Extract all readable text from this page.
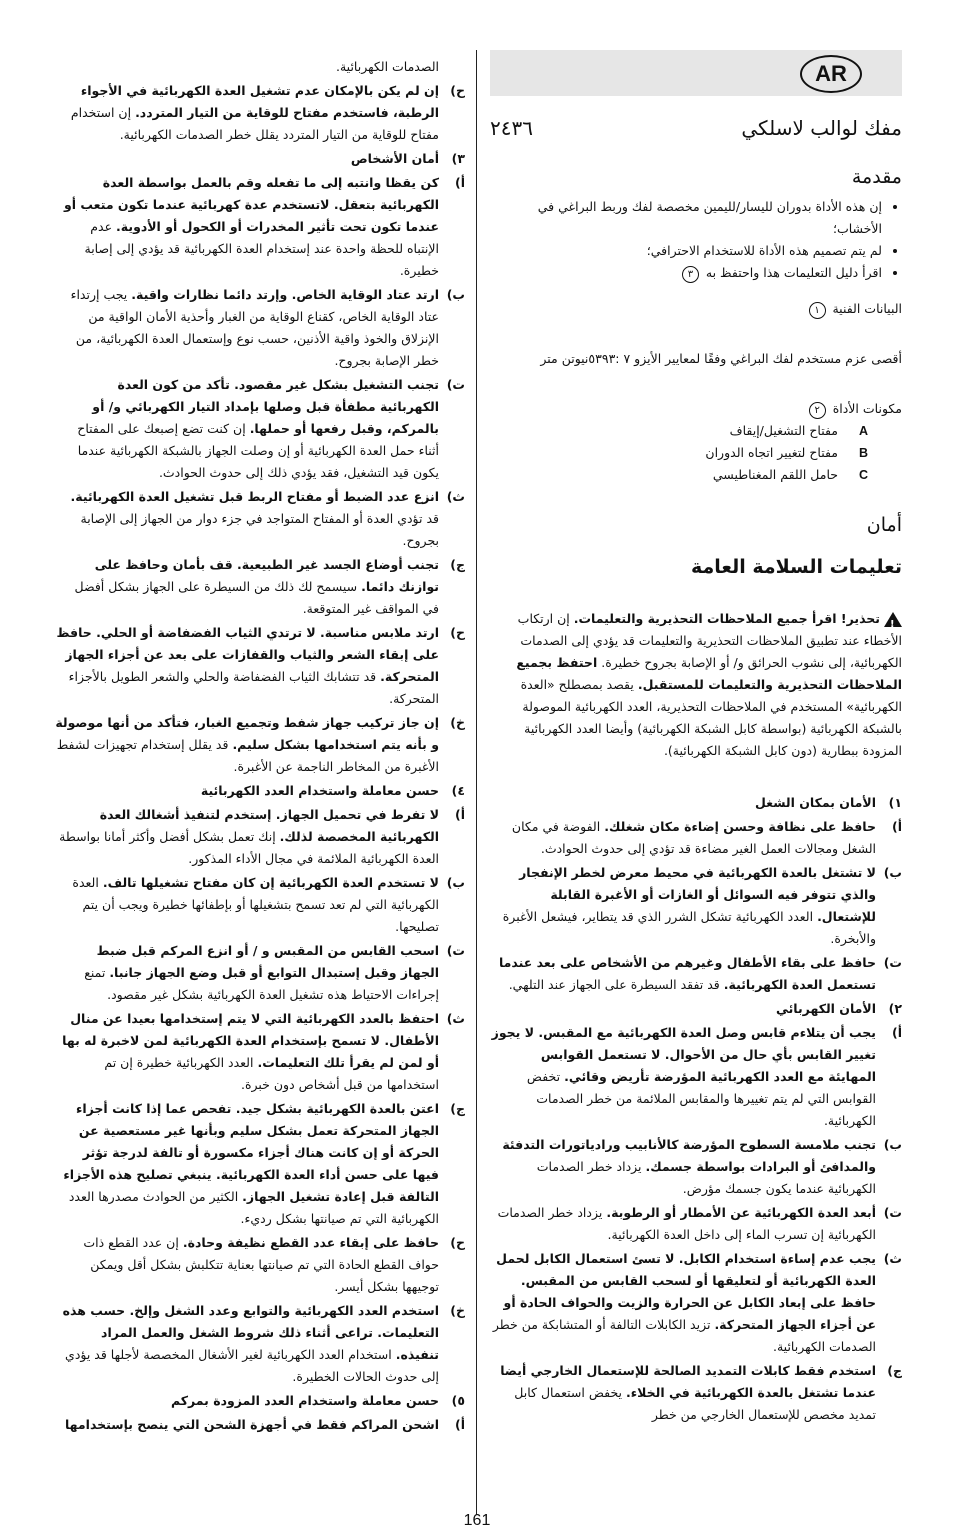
AR
مفك لوالب لاسلكي
٢٤٣٦
مقدمة
• إن هذه الأداة بدوران لليسار/لليمين مخصصة لفك وربط البراغي في الأخشاب؛
• لم يتم تصميم هذه الأداة للاستخدام الاحترافي؛
• اقرأ دليل التعليمات هذا واحتفظ به ٣

البيانات الفنية ١

أقصى عزم مستخدم لفك البراغي وفقًا لمعايير الأيزو ٧ :٥٣٩٣نيوتن متر

مكونات الأداة ٢

A
مفتاح التشغيل/إيقاف
B
مفتاح لتغيير اتجاه الدوران
C
حامل اللقم المغناطيسي
أمان
تعليمات السلامة العامة

!تحذير! اقرأ جميع الملاحظات التحذيرية والتعليمات. إن ارتكاب الأخطاء عند تطبيق الملاحظات التحذيرية والتعليمات قد يؤدي إلى الصدمات الكهربائية، إلى نشوب الحرائق و/ أو الإصابة بجروح خطيرة. احتفظ بجميع الملاحظات التحذيرية والتعليمات للمستقبل. يقصد بمصطلح «العدة الكهربائية» المستخدم في الملاحظات التحذيرية، العدد الكهربائية الموصولة بالشبكة الكهربائية (بواسطة كابل الشبكة الكهربائية) وأيضا العدد الكهربائية المزودة ببطارية (دون كابل الشبكة الكهربائية).

١)
الأمان بمكان الشغل
أ)
حافظ على نظافة وحسن إضاءة مكان شغلك. الفوضة في مكان الشغل ومجالات العمل الغير مضاءة قد تؤدي إلى حدوث الحوادث.
ب)
لا تشتغل بالعدة الكهربائية في محيط معرض لخطر الإنفجار والذي تتوفر فيه السوائل أو الغازات أو الأغبرة القابلة للإشتعال. العدد الكهربائية تشكل الشرر الذي قد يتطاير، فيشعل الأغبرة والأبخرة.
ت)
حافظ على بقاء الأطفال وغيرهم من الأشخاص على بعد عندما تستعمل العدة الكهربائية. قد تفقد السيطرة على الجهاز عند التلهي.
٢)
الأمان الكهربائي
أ)
يجب أن يتلاءم قابس وصل العدة الكهربائية مع المقبس. لا يجوز تغيير القابس بأي حال من الأحوال. لا تستعمل القوابس المهايئة مع العدد الكهربائية المؤرضة تأريض وقائي. تخفض القوابس التي لم يتم تغييرها والمقابس الملائمة من خطر الصدمات الكهربائية.
ب)
تجنب ملامسة السطوح المؤرضة كالأنابيب ورادياتورات التدفئة والمدافئ أو البرادات بواسطة جسمك. يزداد خطر الصدمات الكهربائية عندما يكون جسمك مؤرض.
ت)
أبعد العدة الكهربائية عن الأمطار أو الرطوبة. يزداد خطر الصدمات الكهربائية إن تسرب الماء إلى داخل العدة الكهربائية.
ث)
يجب عدم إساءة استخدام الكابل. لا تسئ استعمال الكابل لحمل العدة الكهربائية أو لتعليقها أو لسحب القابس من المقبس. حافظ على إبعاد الكابل عن الحرارة والزيت والحواف الحادة أو عن أجزاء الجهاز المتحركة. تزيد الكابلات التالفة أو المتشابكة من خطر الصدمات الكهربائية.
ج)
استخدم فقط كابلات التمديد الصالحة للإستعمال الخارجي أيضا عندما تشتغل بالعدة الكهربائية في الخلاء. يخفض استعمال كابل تمديد مخصص للإستعمال الخارجي من خطر
الصدمات الكهربائية.
ح)
إن لم يكن بالإمكان عدم تشغيل العدة الكهربائية في الأجواء الرطبة، فاستخدم مفتاح للوقاية من التيار المتردد. إن استخدام مفتاح للوقاية من التيار المتردد يقلل خطر الصدمات الكهربائية.
٣)
أمان الأشخاص
أ)
كن يقظا وانتبه إلى ما تفعله وقم بالعمل بواسطة العدة الكهربائية بتعقل. لاتستخدم عدة كهربائية عندما تكون متعب أو عندما تكون تحت تأثير المخدرات أو الكحول أو الأدوية. عدم الإنتباه للحظة واحدة عند إستخدام العدة الكهربائية قد يؤدي إلى إصابة خطيرة.
ب)
ارتد عتاد الوقاية الخاص. وإرتد دائما نظارات واقية. يجب إرتداء عتاد الوقاية الخاص، كقناع الوقاية من الغبار وأحذية الأمان الواقية من الإنزلاق والخوذ واقية الأذنين، حسب نوع وإستعمال العدة الكهربائية، من خطر الإصابة بجروح.
ت)
تجنب التشغيل بشكل غير مقصود. تأكد من كون العدة الكهربائية مطفأة قبل وصلها بإمداد التيار الكهربائي و/ أو بالمركم، وقبل رفعها أو حملها. إن كنت تضع إصبعك على المفتاح أثناء حمل العدة الكهربائية أو إن وصلت الجهاز بالشبكة الكهربائية عندما يكون قيد التشغيل، فقد يؤدي ذلك إلى حدوث الحوادث.
ث)
انزع عدد الضبط أو مفتاح الربط قبل تشغيل العدة الكهربائية. قد تؤدي العدة أو المفتاح المتواجد في جزء دوار من الجهاز إلى الإصابة بجروح.
ج)
تجنب أوضاع الجسد غير الطبيعية. قف بأمان وحافظ على توازنك دائما. سيسمح لك ذلك من السيطرة على الجهاز بشكل أفضل في المواقف غير المتوقعة.
ح)
ارتد ملابس مناسبة. لا ترتدي الثياب الفضفاضة أو الحلي. حافظ على إبقاء الشعر والثياب والقفازات على بعد عن أجزاء الجهاز المتحركة. قد تتشابك الثياب الفضفاضة والحلي والشعر الطويل بالأجزاء المتحركة.
خ)
إن جاز تركيب جهاز شفط وتجميع الغبار، فتأكد من أنها موصولة و بأنه يتم استخدامها بشكل سليم. قد يقلل إستخدام تجهيزات لشفط الأغبرة من المخاطر الناجمة عن الأغبرة.
٤)
حسن معاملة واستخدام العدد الكهربائية
أ)
لا تفرط في تحميل الجهاز. إستخدم لتنفيذ أشغالك العدة الكهربائية المخصصة لذلك. إنك تعمل بشكل أفضل وأكثر أمانا بواسطة العدة الكهربائية الملائمة في مجال الأداء المذكور.
ب)
لا تستخدم العدة الكهربائية إن كان مفتاح تشغيلها تالف. العدة الكهربائية التي لم تعد تسمح بتشغيلها أو بإطفائها خطيرة ويجب أن يتم تصليحها.
ت)
اسحب القابس من المقبس و / أو انزع المركم قبل ضبط الجهاز وقبل إستبدال التوابع أو قبل وضع الجهاز جانبا. تمنع إجراءات الاحتياط هذه تشغيل العدة الكهربائية بشكل غير مقصود.
ث)
احتفظ بالعدد الكهربائية التي لا يتم إستخدامها بعيدا عن منال الأطفال. لا تسمح بإستخدام العدة الكهربائية لمن لاخبرة له بها أو لمن لم يقرأ تلك التعليمات. العدد الكهربائية خطيرة إن تم استخدامها من قبل أشخاص دون خبرة.
ج)
اعتن بالعدة الكهربائية بشكل جيد. تفحص عما إذا كانت أجزاء الجهاز المتحركة تعمل بشكل سليم وبأنها غير مستعصية عن الحركة أو إن كانت هناك أجزاء مكسورة أو تالفة لدرجة تؤثر فيها على حسن أداء العدة الكهربائية. ينبغي تصليح هذه الأجزاء التالفة قبل إعادة تشغيل الجهاز. الكثير من الحوادث مصدرها العدد الكهربائية التي تم صيانتها بشكل رديء.
ح)
حافظ على إبقاء عدد القطع نظيفة وحادة. إن عدد القطع ذات حواف القطع الحادة التي تم صيانتها بعناية تتكلبش بشكل أقل ويمكن توجيهها بشكل أيسر.
خ)
استخدم العدد الكهربائية والتوابع وعدد الشغل وإلخ. حسب هذه التعليمات. تراعى أثناء ذلك شروط الشغل والعمل المراد تنفيذه. استخدام العدد الكهربائية لغير الأشغال المخصصة لأجلها قد يؤدي إلى حدوث الحالات الخطيرة.
٥)
حسن معاملة واستخدام العدد المزودة بمركم
أ)
اشحن المراكم فقط في أجهزة الشحن التي ينصح بإستخدامها
161
